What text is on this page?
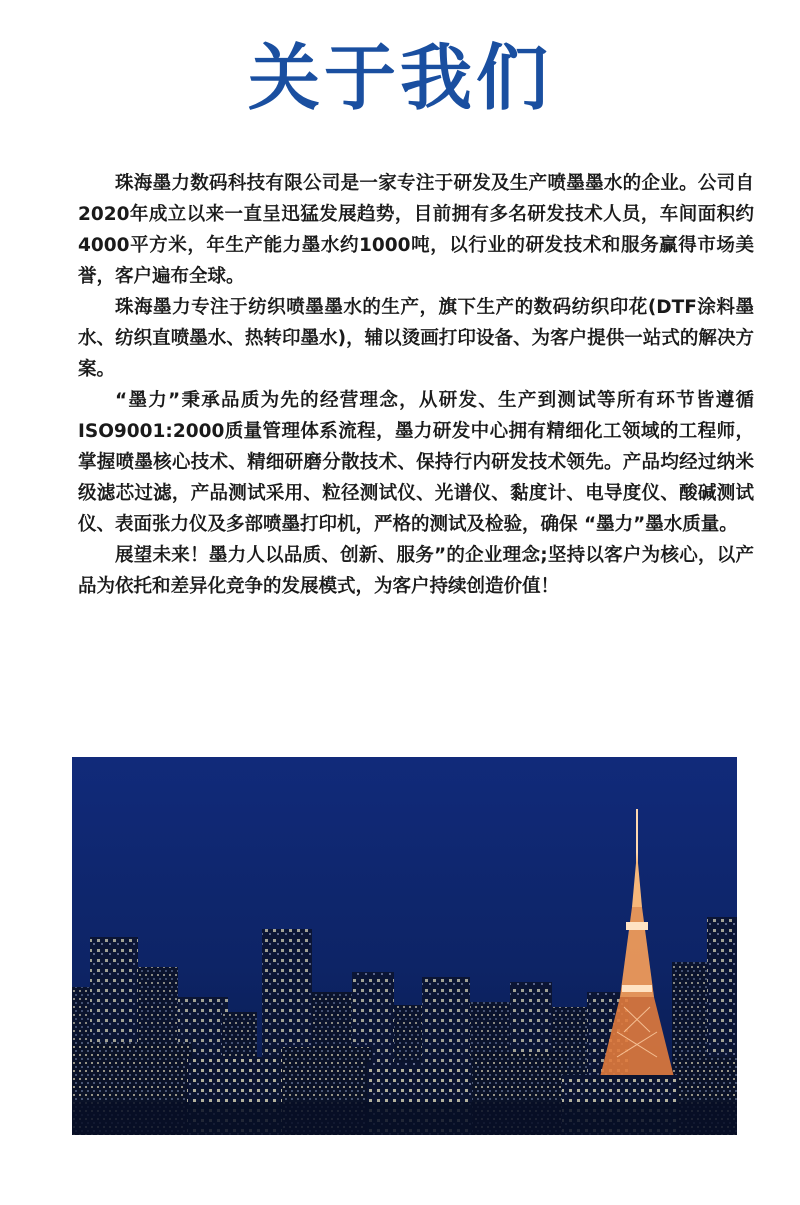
关于我们

珠海墨力数码科技有限公司是一家专注于研发及生产喷墨墨水的企业。公司自2020年成立以来一直呈迅猛发展趋势，目前拥有多名研发技术人员，车间面积约4000平方米，年生产能力墨水约1000吨，以行业的研发技术和服务赢得市场美誉，客户遍布全球。

珠海墨力专注于纺织喷墨墨水的生产，旗下生产的数码纺织印花(DTF涂料墨水、纺织直喷墨水、热转印墨水)，辅以烫画打印设备、为客户提供一站式的解决方案。

“墨力”秉承品质为先的经营理念，从研发、生产到测试等所有环节皆遵循ISO9001:2000质量管理体系流程，墨力研发中心拥有精细化工领域的工程师，掌握喷墨核心技术、精细研磨分散技术、保持行内研发技术领先。产品均经过纳米级滤芯过滤，产品测试采用、粒径测试仪、光谱仪、黏度计、电导度仪、酸碱测试仪、表面张力仪及多部喷墨打印机，严格的测试及检验，确保 “墨力”墨水质量。

展望未来！墨力人以品质、创新、服务”的企业理念;坚持以客户为核心，以产品为依托和差异化竞争的发展模式，为客户持续创造价值！
